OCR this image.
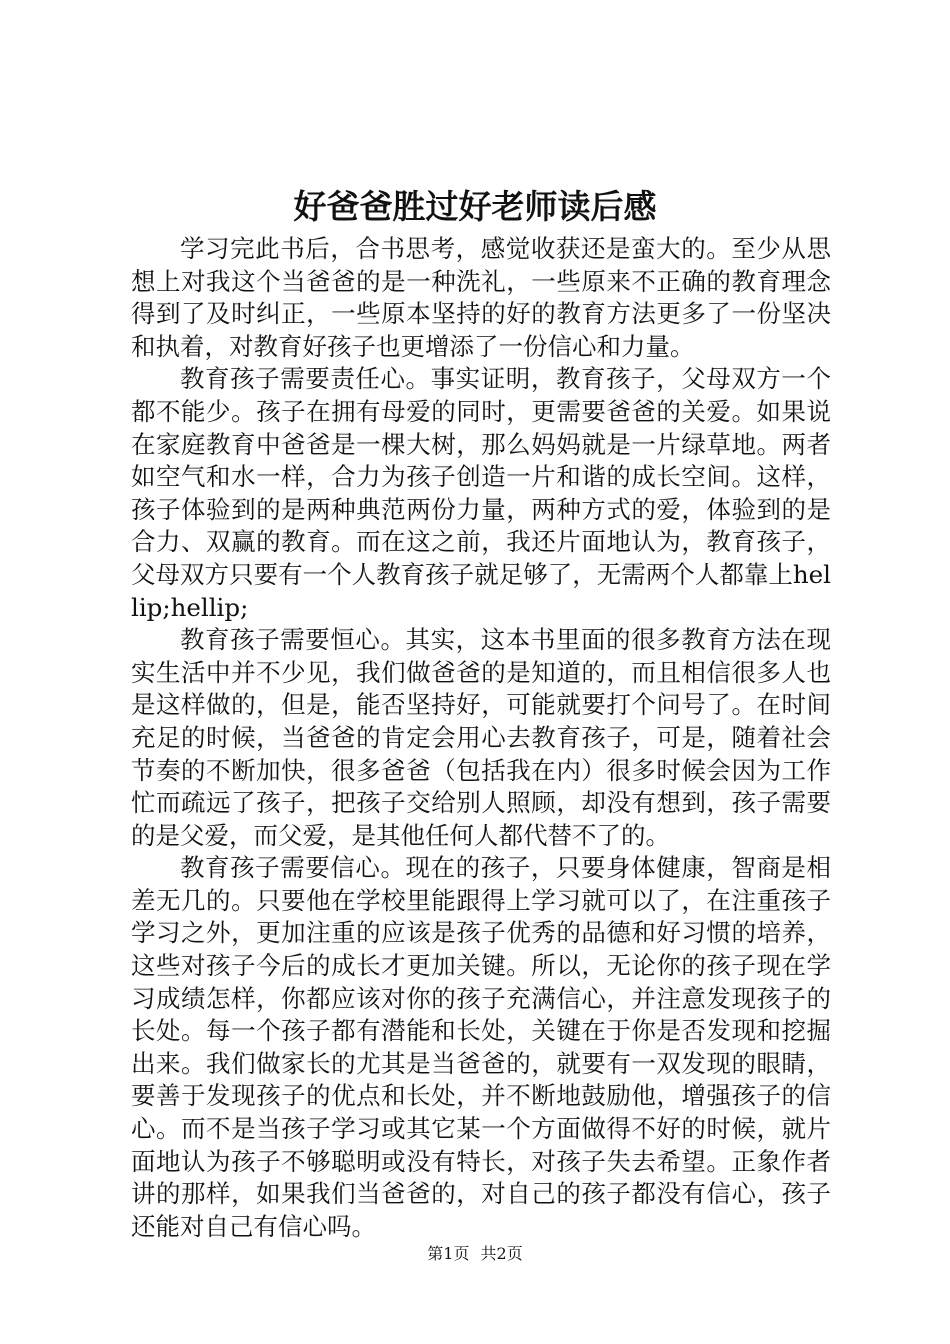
好爸爸胜过好老师读后感

学习完此书后，合书思考，感觉收获还是蛮大的。至少从思想上对我这个当爸爸的是一种洗礼，一些原来不正确的教育理念得到了及时纠正，一些原本坚持的好的教育方法更多了一份坚决和执着，对教育好孩子也更增添了一份信心和力量。

教育孩子需要责任心。事实证明，教育孩子，父母双方一个都不能少。孩子在拥有母爱的同时，更需要爸爸的关爱。如果说在家庭教育中爸爸是一棵大树，那么妈妈就是一片绿草地。两者如空气和水一样，合力为孩子创造一片和谐的成长空间。这样，孩子体验到的是两种典范两份力量，两种方式的爱，体验到的是合力、双赢的教育。而在这之前，我还片面地认为，教育孩子，父母双方只要有一个人教育孩子就足够了，无需两个人都靠上hellip;hellip;

教育孩子需要恒心。其实，这本书里面的很多教育方法在现实生活中并不少见，我们做爸爸的是知道的，而且相信很多人也是这样做的，但是，能否坚持好，可能就要打个问号了。在时间充足的时候，当爸爸的肯定会用心去教育孩子，可是，随着社会节奏的不断加快，很多爸爸（包括我在内）很多时候会因为工作忙而疏远了孩子，把孩子交给别人照顾，却没有想到，孩子需要的是父爱，而父爱，是其他任何人都代替不了的。

教育孩子需要信心。现在的孩子，只要身体健康，智商是相差无几的。只要他在学校里能跟得上学习就可以了，在注重孩子学习之外，更加注重的应该是孩子优秀的品德和好习惯的培养，这些对孩子今后的成长才更加关键。所以，无论你的孩子现在学习成绩怎样，你都应该对你的孩子充满信心，并注意发现孩子的长处。每一个孩子都有潜能和长处，关键在于你是否发现和挖掘出来。我们做家长的尤其是当爸爸的，就要有一双发现的眼睛，要善于发现孩子的优点和长处，并不断地鼓励他，增强孩子的信心。而不是当孩子学习或其它某一个方面做得不好的时候，就片面地认为孩子不够聪明或没有特长，对孩子失去希望。正象作者讲的那样，如果我们当爸爸的，对自己的孩子都没有信心，孩子还能对自己有信心吗。

第1页 共2页
